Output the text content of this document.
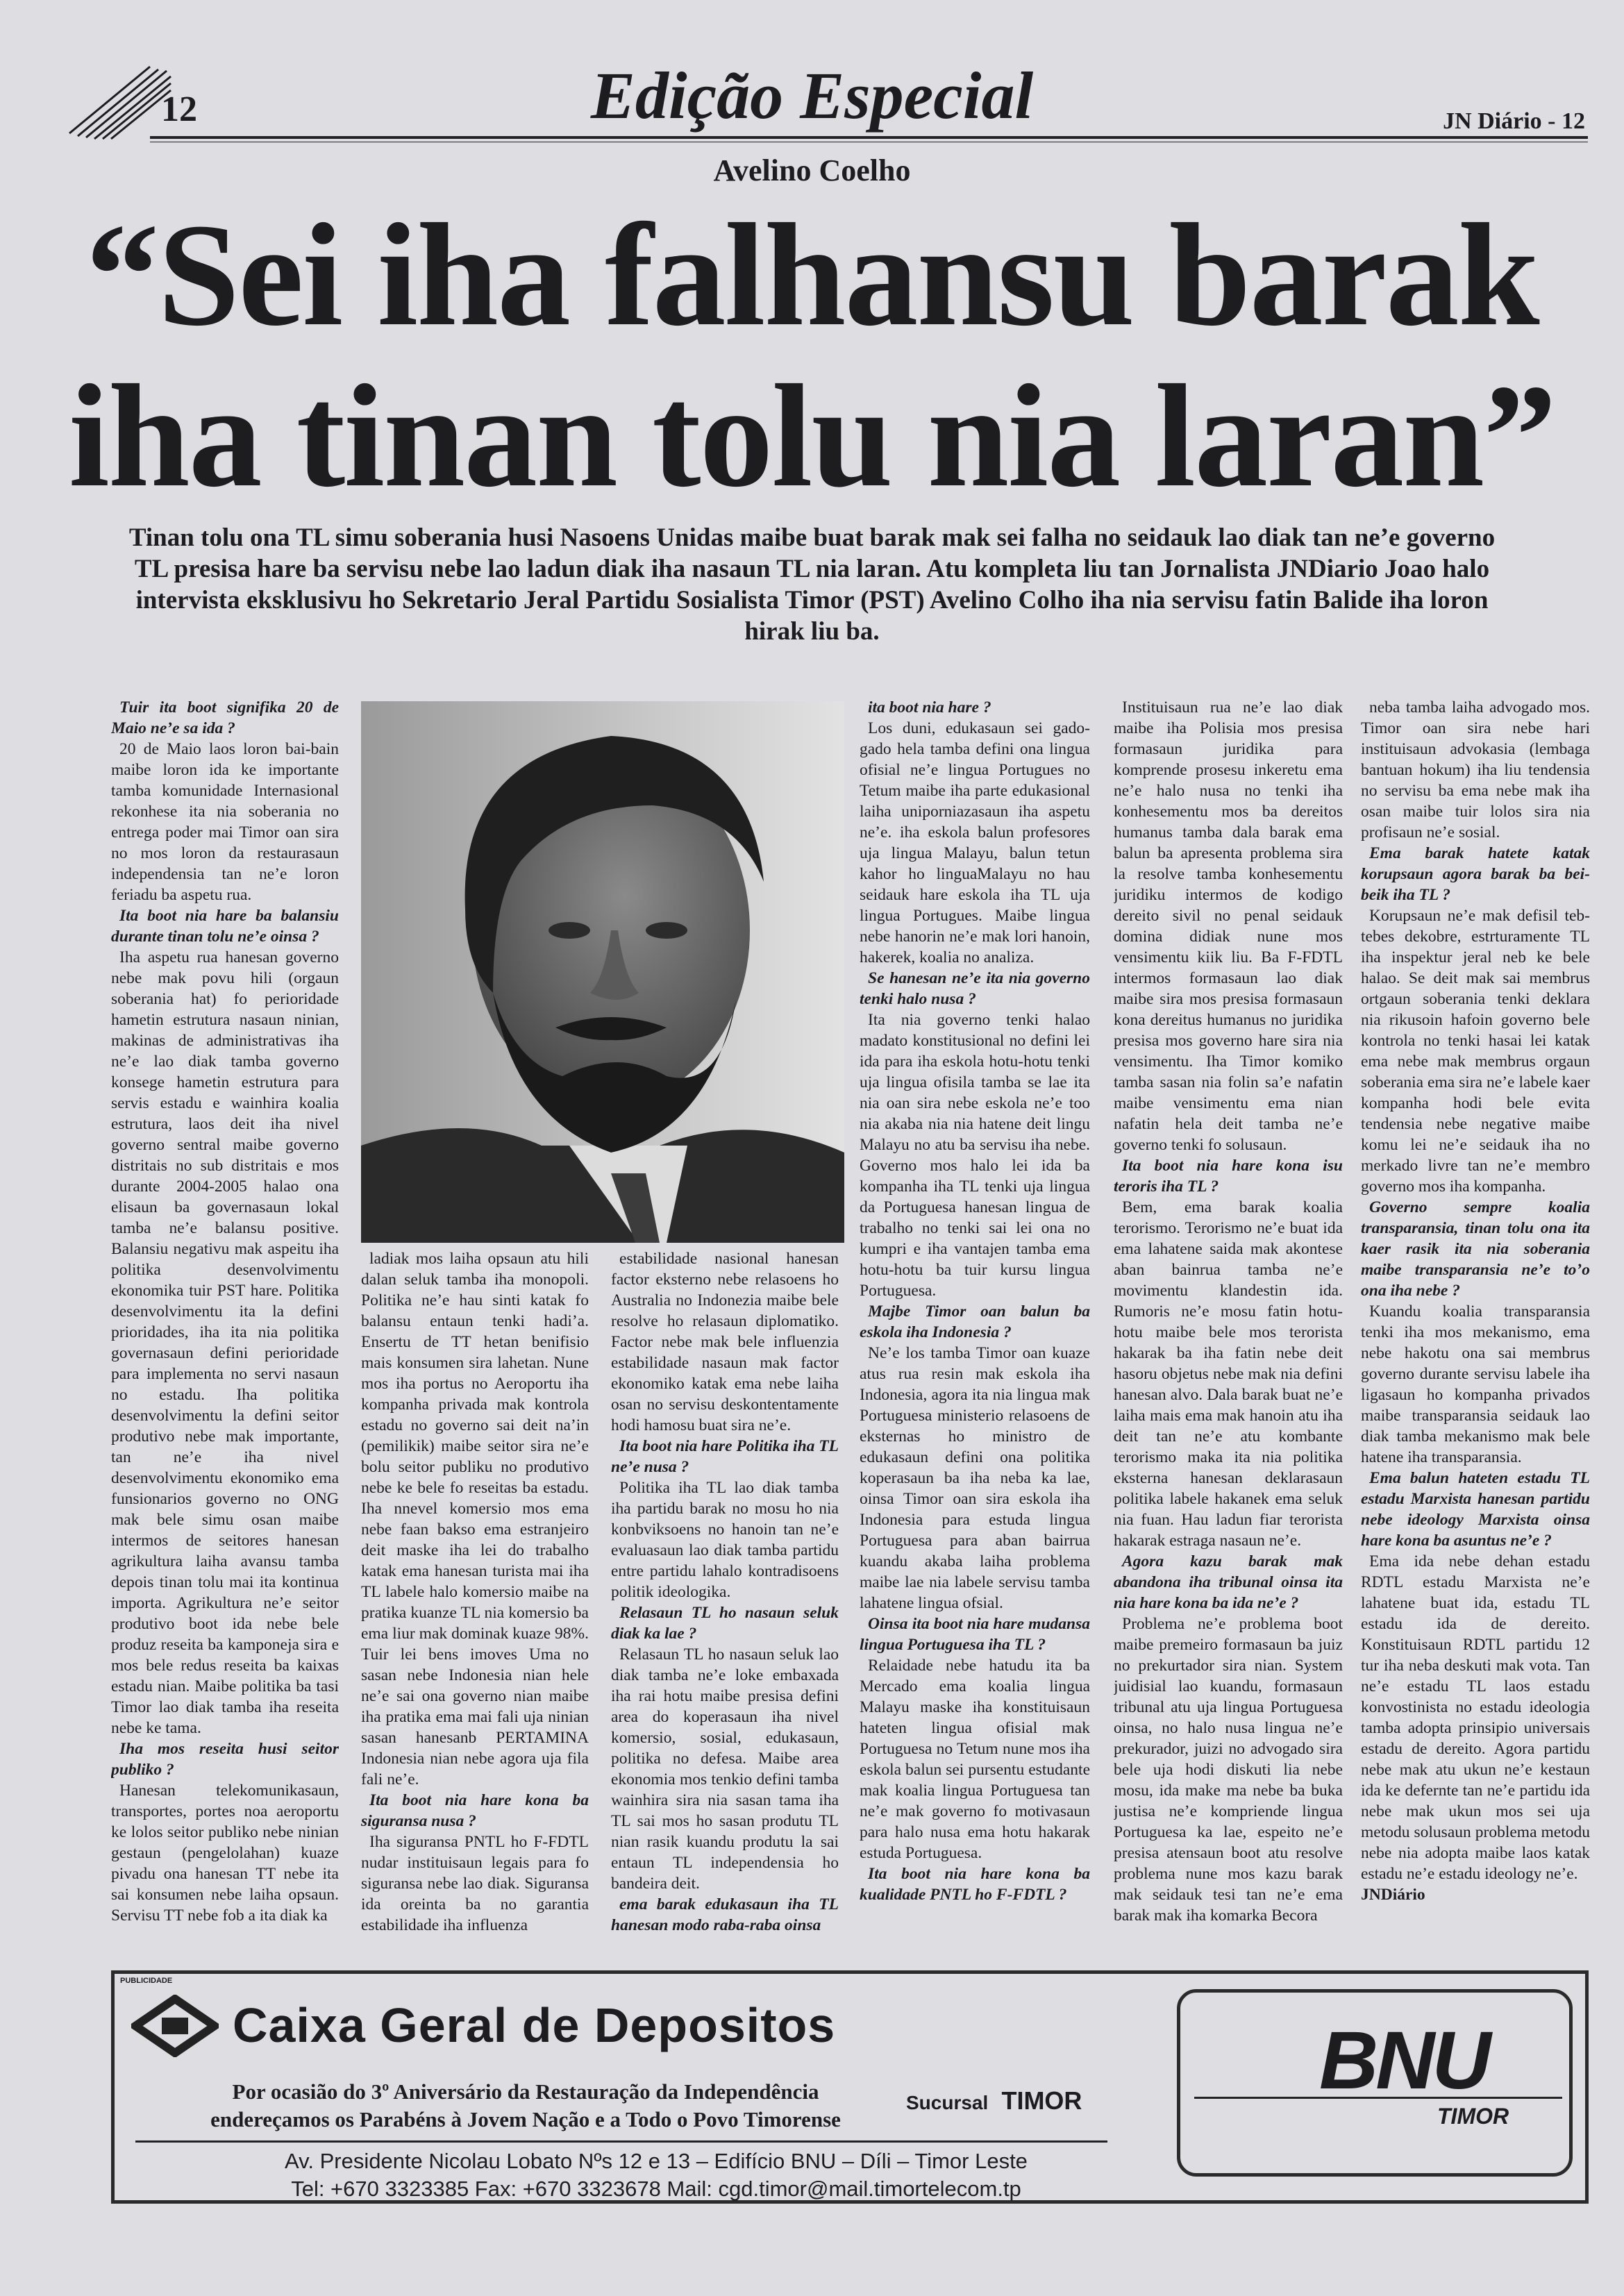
12	Edição Especial	JN Diário - 12
Avelino Coelho
“Sei iha falhansu barak
iha tinan tolu nia laran”
Tinan tolu ona TL simu soberania husi Nasoens Unidas maibe buat barak mak sei falha no seidauk lao diak tan ne’e governo TL presisa hare ba servisu nebe lao ladun diak iha nasaun TL nia laran. Atu kompleta liu tan Jornalista JNDiario Joao halo intervista eksklusivu ho Sekretario Jeral Partidu Sosialista Timor (PST) Avelino Colho iha nia servisu fatin Balide iha loron hirak liu ba.

Tuir ita boot signifika 20 de Maio ne’e sa ida ?

20 de Maio laos loron bai-bain maibe loron ida ke importante tamba komunidade Internasional rekonhese ita nia soberania no entrega poder mai Timor oan sira no mos loron da restaurasaun independensia tan ne’e loron feriadu ba aspetu rua.

Ita boot nia hare ba balansiu durante tinan tolu ne’e oinsa ?

Iha aspetu rua hanesan governo nebe mak povu hili (orgaun soberania hat) fo perioridade hametin estrutura nasaun ninian, makinas de administrativas iha ne’e lao diak tamba governo konsege hametin estrutura para servis estadu e wainhira koalia estrutura, laos deit iha nivel governo sentral maibe governo distritais no sub distritais e mos durante 2004-2005 halao ona elisaun ba governasaun lokal tamba ne’e balansu positive. Balansiu negativu mak aspeitu iha politika desenvolvimentu ekonomika tuir PST hare. Politika desenvolvimentu ita la defini prioridades, iha ita nia politika governasaun defini perioridade para implementa no servi nasaun no estadu. Iha politika desenvolvimentu la defini seitor produtivo nebe mak importante, tan ne’e iha nivel desenvolvimentu ekonomiko ema funsionarios governo no ONG mak bele simu osan maibe intermos de seitores hanesan agrikultura laiha avansu tamba depois tinan tolu mai ita kontinua importa. Agrikultura ne’e seitor produtivo boot ida nebe bele produz reseita ba kamponeja sira e mos bele redus reseita ba kaixas estadu nian. Maibe politika ba tasi Timor lao diak tamba iha reseita nebe ke tama.

Iha mos reseita husi seitor publiko ?

Hanesan telekomunikasaun, transportes, portes noa aeroportu ke lolos seitor publiko nebe ninian gestaun (pengelolahan) kuaze pivadu ona hanesan TT nebe ita sai konsumen nebe laiha opsaun. Servisu TT nebe fob a ita diak ka

ladiak mos laiha opsaun atu hili dalan seluk tamba iha monopoli. Politika ne’e hau sinti katak fo balansu entaun tenki hadi’a. Ensertu de TT hetan benifisio mais konsumen sira lahetan. Nune mos iha portus no Aeroportu iha kompanha privada mak kontrola estadu no governo sai deit na’in (pemilikik) maibe seitor sira ne’e bolu seitor publiku no produtivo nebe ke bele fo reseitas ba estadu. Iha nnevel komersio mos ema nebe faan bakso ema estranjeiro deit maske iha lei do trabalho katak ema hanesan turista mai iha TL labele halo komersio maibe na pratika kuanze TL nia komersio ba ema liur mak dominak kuaze 98%. Tuir lei bens imoves Uma no sasan nebe Indonesia nian hele ne’e sai ona governo nian maibe iha pratika ema mai fali uja ninian sasan hanesanb PERTAMINA Indonesia nian nebe agora uja fila fali ne’e.

Ita boot nia hare kona ba siguransa nusa ?

Iha siguransa PNTL ho F-FDTL nudar instituisaun legais para fo siguransa nebe lao diak. Siguransa ida oreinta ba no garantia estabilidade iha influenza

estabilidade nasional hanesan factor eksterno nebe relasoens ho Australia no Indonezia maibe bele resolve ho relasaun diplomatiko. Factor nebe mak bele influenzia estabilidade nasaun mak factor ekonomiko katak ema nebe laiha osan no servisu deskontentamente hodi hamosu buat sira ne’e.

Ita boot nia hare Politika iha TL ne’e nusa ?

Politika iha TL lao diak tamba iha partidu barak no mosu ho nia konbviksoens no hanoin tan ne’e evaluasaun lao diak tamba partidu entre partidu lahalo kontradisoens politik ideologika.

Relasaun TL ho nasaun seluk diak ka lae ?

Relasaun TL ho nasaun seluk lao diak tamba ne’e loke embaxada iha rai hotu maibe presisa defini area do koperasaun iha nivel komersio, sosial, edukasaun, politika no defesa. Maibe area ekonomia mos tenkio defini tamba wainhira sira nia sasan tama iha TL sai mos ho sasan produtu TL nian rasik kuandu produtu la sai entaun TL independensia ho bandeira deit.

ema barak edukasaun iha TL hanesan modo raba-raba oinsa

ita boot nia hare ?

Los duni, edukasaun sei gado-gado hela tamba defini ona lingua ofisial ne’e lingua Portugues no Tetum maibe iha parte edukasional laiha uniporniazasaun iha aspetu ne’e. iha eskola balun profesores uja lingua Malayu, balun tetun kahor ho linguaMalayu no hau seidauk hare eskola iha TL uja lingua Portugues. Maibe lingua nebe hanorin ne’e mak lori hanoin, hakerek, koalia no analiza.

Se hanesan ne’e ita nia governo tenki halo nusa ?

Ita nia governo tenki halao madato konstitusional no defini lei ida para iha eskola hotu-hotu tenki uja lingua ofisila tamba se lae ita nia oan sira nebe eskola ne’e too nia akaba nia nia hatene deit lingu Malayu no atu ba servisu iha nebe. Governo mos halo lei ida ba kompanha iha TL tenki uja lingua da Portuguesa hanesan lingua de trabalho no tenki sai lei ona no kumpri e iha vantajen tamba ema hotu-hotu ba tuir kursu lingua Portuguesa.

Majbe Timor oan balun ba eskola iha Indonesia ?

Ne’e los tamba Timor oan kuaze atus rua resin mak eskola iha Indonesia, agora ita nia lingua mak Portuguesa ministerio relasoens de eksternas ho ministro de edukasaun defini ona politika koperasaun ba iha neba ka lae, oinsa Timor oan sira eskola iha Indonesia para estuda lingua Portuguesa para aban bairrua kuandu akaba laiha problema maibe lae nia labele servisu tamba lahatene lingua ofsial.

Oinsa ita boot nia hare mudansa lingua Portuguesa iha TL ?

Relaidade nebe hatudu ita ba Mercado ema koalia lingua Malayu maske iha konstituisaun hateten lingua ofisial mak Portuguesa no Tetum nune mos iha eskola balun sei pursentu estudante mak koalia lingua Portuguesa tan ne’e mak governo fo motivasaun para halo nusa ema hotu hakarak estuda Portuguesa.

Ita boot nia hare kona ba kualidade PNTL ho F-FDTL ?

Instituisaun rua ne’e lao diak maibe iha Polisia mos presisa formasaun juridika para komprende prosesu inkeretu ema ne’e halo nusa no tenki iha konhesementu mos ba dereitos humanus tamba dala barak ema balun ba apresenta problema sira la resolve tamba konhesementu juridiku intermos de kodigo dereito sivil no penal seidauk domina didiak nune mos vensimentu kiik liu. Ba F-FDTL intermos formasaun lao diak maibe sira mos presisa formasaun kona dereitus humanus no juridika presisa mos governo hare sira nia vensimentu. Iha Timor komiko tamba sasan nia folin sa’e nafatin maibe vensimentu ema nian nafatin hela deit tamba ne’e governo tenki fo solusaun.

Ita boot nia hare kona isu teroris iha TL ?

Bem, ema barak koalia terorismo. Terorismo ne’e buat ida ema lahatene saida mak akontese aban bainrua tamba ne’e movimentu klandestin ida. Rumoris ne’e mosu fatin hotu-hotu maibe bele mos terorista hakarak ba iha fatin nebe deit hasoru objetus nebe mak nia defini hanesan alvo. Dala barak buat ne’e laiha mais ema mak hanoin atu iha deit tan ne’e atu kombante terorismo maka ita nia politika eksterna hanesan deklarasaun politika labele hakanek ema seluk nia fuan. Hau ladun fiar terorista hakarak estraga nasaun ne’e.

Agora kazu barak mak abandona iha tribunal oinsa ita nia hare kona ba ida ne’e ?

Problema ne’e problema boot maibe premeiro formasaun ba juiz no prekurtador sira nian. System juidisial lao kuandu, formasaun tribunal atu uja lingua Portuguesa oinsa, no halo nusa lingua ne’e prekurador, juizi no advogado sira bele uja hodi diskuti lia nebe mosu, ida make ma nebe ba buka justisa ne’e kompriende lingua Portuguesa ka lae, espeito ne’e presisa atensaun boot atu resolve problema nune mos kazu barak mak seidauk tesi tan ne’e ema barak mak iha komarka Becora

neba tamba laiha advogado mos. Timor oan sira nebe hari instituisaun advokasia (lembaga bantuan hokum) iha liu tendensia no servisu ba ema nebe mak iha osan maibe tuir lolos sira nia profisaun ne’e sosial.

Ema barak hatete katak korupsaun agora barak ba bei-beik iha TL ?

Korupsaun ne’e mak defisil teb-tebes dekobre, estrturamente TL iha inspektur jeral neb ke bele halao. Se deit mak sai membrus ortgaun soberania tenki deklara nia rikusoin hafoin governo bele kontrola no tenki hasai lei katak ema nebe mak membrus orgaun soberania ema sira ne’e labele kaer kompanha hodi bele evita tendensia nebe negative maibe komu lei ne’e seidauk iha no merkado livre tan ne’e membro governo mos iha kompanha.

Governo sempre koalia transparansia, tinan tolu ona ita kaer rasik ita nia soberania maibe transparansia ne’e to’o ona iha nebe ?

Kuandu koalia transparansia tenki iha mos mekanismo, ema nebe hakotu ona sai membrus governo durante servisu labele iha ligasaun ho kompanha privados maibe transparansia seidauk lao diak tamba mekanismo mak bele hatene iha transparansia.

Ema balun hateten estadu TL estadu Marxista hanesan partidu nebe ideology Marxista oinsa hare kona ba asuntus ne’e ?

Ema ida nebe dehan estadu RDTL estadu Marxista ne’e lahatene buat ida, estadu TL estadu ida de dereito. Konstituisaun RDTL partidu 12 tur iha neba deskuti mak vota. Tan ne’e estadu TL laos estadu konvostinista no estadu ideologia tamba adopta prinsipio universais estadu de dereito. Agora partidu nebe mak atu ukun ne’e kestaun ida ke defernte tan ne’e partidu ida nebe mak ukun mos sei uja metodu solusaun problema metodu nebe nia adopta maibe laos katak estadu ne’e estadu ideology ne’e.

JNDiário

PUBLICIDADE
Caixa Geral de Depositos
Por ocasião do 3º Aniversário da Restauração da Independência
endereçamos os Parabéns à Jovem Nação e a Todo o Povo Timorense
Sucursal TIMOR
Av. Presidente Nicolau Lobato Nºs 12 e 13 – Edifício BNU – Díli – Timor Leste
Tel: +670 3323385 Fax: +670 3323678 Mail: cgd.timor@mail.timortelecom.tp
BNU
TIMOR
